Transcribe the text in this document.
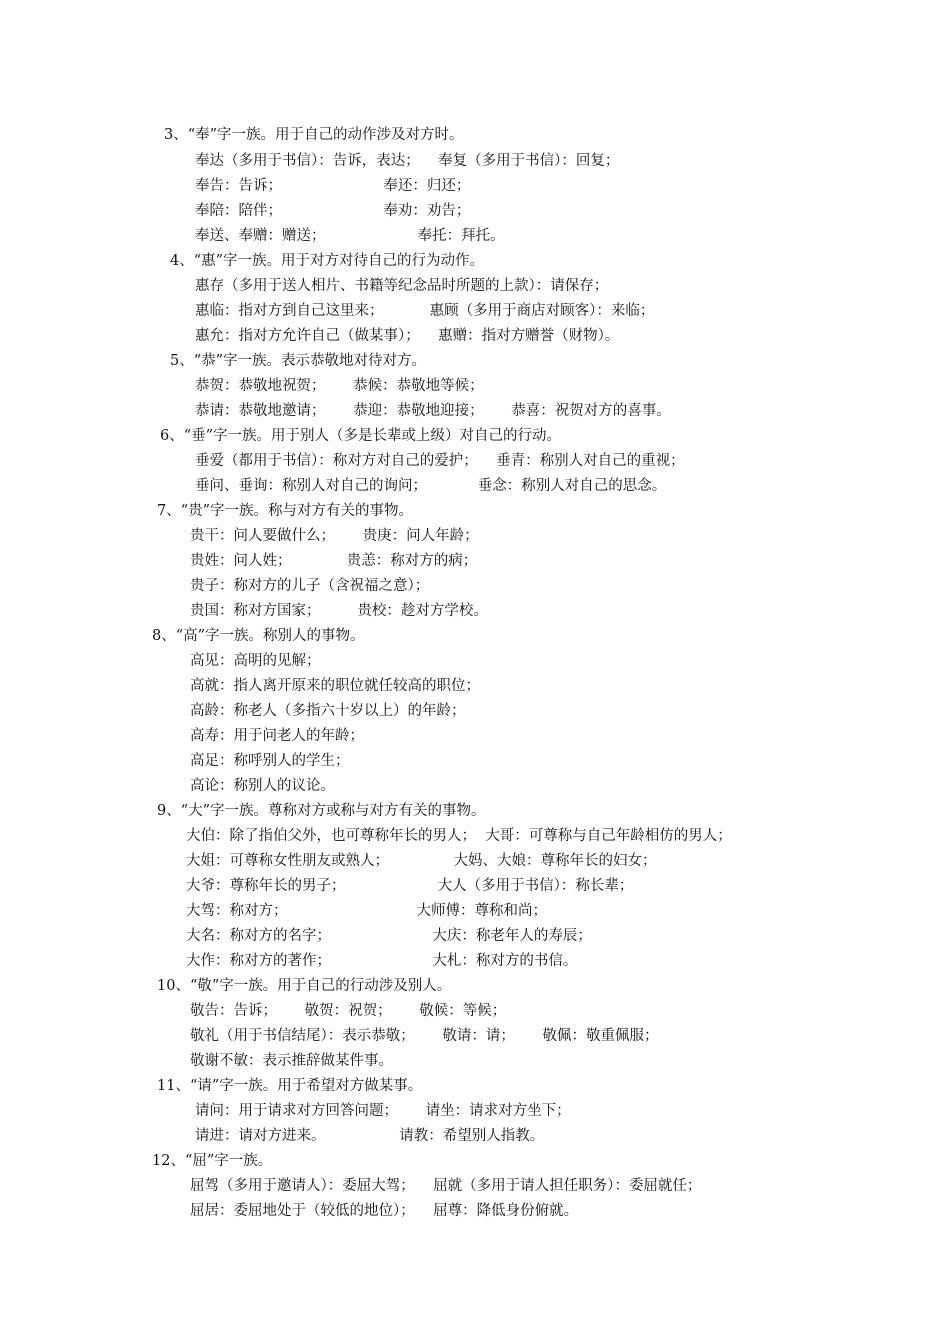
3、“奉”字一族。用于自己的动作涉及对方时。
奉达（多用于书信）：告诉，表达；    奉复（多用于书信）：回复；
奉告：告诉；                      奉还：归还；
奉陪：陪伴；                      奉劝：劝告；
奉送、奉赠：赠送；                    奉托：拜托。
4、“惠”字一族。用于对方对待自己的行为动作。
惠存（多用于送人相片、书籍等纪念品时所题的上款）：请保存；
惠临：指对方到自己这里来；          惠顾（多用于商店对顾客）：来临；
惠允：指对方允许自己（做某事）；    惠赠：指对方赠誉（财物）。
5、“恭”字一族。表示恭敬地对待对方。
恭贺：恭敬地祝贺；      恭候：恭敬地等候；
恭请：恭敬地邀请；      恭迎：恭敬地迎接；      恭喜：祝贺对方的喜事。
6、“垂”字一族。用于别人（多是长辈或上级）对自己的行动。
垂爱（都用于书信）：称对方对自己的爱护；    垂青：称别人对自己的重视；
垂问、垂询：称别人对自己的询问；           垂念：称别人对自己的思念。
7、“贵”字一族。称与对方有关的事物。
贵干：问人要做什么；      贵庚：问人年龄；
贵姓：问人姓；            贵恙：称对方的病；
贵子：称对方的儿子（含祝福之意）；
贵国：称对方国家；        贵校：趁对方学校。
8、“高”字一族。称别人的事物。
高见：高明的见解；
高就：指人离开原来的职位就任较高的职位；
高龄：称老人（多指六十岁以上）的年龄；
高寿：用于问老人的年龄；
高足：称呼别人的学生；
高论：称别人的议论。
9、“大”字一族。尊称对方或称与对方有关的事物。
大伯：除了指伯父外，也可尊称年长的男人；  大哥：可尊称与自己年龄相仿的男人；
大姐：可尊称女性朋友或熟人；              大妈、大娘：尊称年长的妇女；
大爷：尊称年长的男子；                    大人（多用于书信）：称长辈；
大驾：称对方；                            大师傅：尊称和尚；
大名：称对方的名字；                      大庆：称老年人的寿辰；
大作：称对方的著作；                      大札：称对方的书信。
10、“敬”字一族。用于自己的行动涉及别人。
敬告：告诉；      敬贺：祝贺；      敬候：等候；
敬礼（用于书信结尾）：表示恭敬；      敬请：请；      敬佩：敬重佩服；
敬谢不敏：表示推辞做某件事。
11、“请”字一族。用于希望对方做某事。
请问：用于请求对方回答问题；      请坐：请求对方坐下；
请进：请对方进来。                请教：希望别人指教。
12、“屈”字一族。
屈驾（多用于邀请人）：委屈大驾；    屈就（多用于请人担任职务）：委屈就任；
屈居：委屈地处于（较低的地位）；    屈尊：降低身份俯就。
